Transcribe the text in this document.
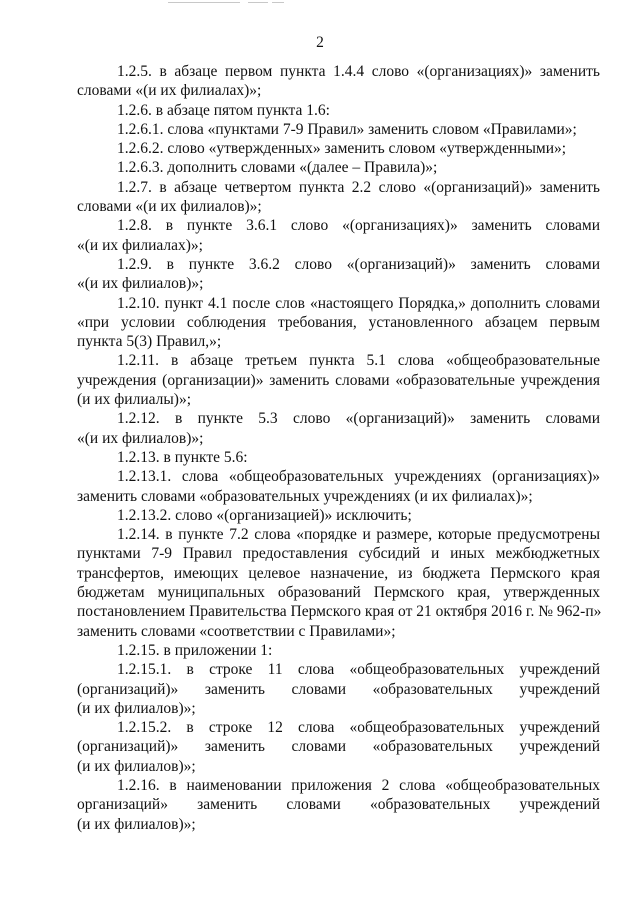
2

1.2.5. в абзаце первом пункта 1.4.4 слово «(организациях)» заменить
словами «(и их филиалах)»;

1.2.6. в абзаце пятом пункта 1.6:

1.2.6.1. слова «пунктами 7-9 Правил» заменить словом «Правилами»;

1.2.6.2. слово «утвержденных» заменить словом «утвержденными»;

1.2.6.3. дополнить словами «(далее – Правила)»;

1.2.7. в абзаце четвертом пункта 2.2 слово «(организаций)» заменить
словами «(и их филиалов)»;

1.2.8. в пункте 3.6.1 слово «(организациях)» заменить словами
«(и их филиалах)»;

1.2.9. в пункте 3.6.2 слово «(организаций)» заменить словами
«(и их филиалов)»;

1.2.10. пункт 4.1 после слов «настоящего Порядка,» дополнить словами
«при условии соблюдения требования, установленного абзацем первым
пункта 5(3) Правил,»;

1.2.11. в абзаце третьем пункта 5.1 слова «общеобразовательные
учреждения (организации)» заменить словами «образовательные учреждения
(и их филиалы)»;

1.2.12. в пункте 5.3 слово «(организаций)» заменить словами
«(и их филиалов)»;

1.2.13. в пункте 5.6:

1.2.13.1. слова «общеобразовательных учреждениях (организациях)»
заменить словами «образовательных учреждениях (и их филиалах)»;

1.2.13.2. слово «(организацией)» исключить;

1.2.14. в пункте 7.2 слова «порядке и размере, которые предусмотрены
пунктами 7-9 Правил предоставления субсидий и иных межбюджетных
трансфертов, имеющих целевое назначение, из бюджета Пермского края
бюджетам муниципальных образований Пермского края, утвержденных
постановлением Правительства Пермского края от 21 октября 2016 г. № 962-п»
заменить словами «соответствии с Правилами»;

1.2.15. в приложении 1:

1.2.15.1. в строке 11 слова «общеобразовательных учреждений
(организаций)» заменить словами «образовательных учреждений
(и их филиалов)»;

1.2.15.2. в строке 12 слова «общеобразовательных учреждений
(организаций)» заменить словами «образовательных учреждений
(и их филиалов)»;

1.2.16. в наименовании приложения 2 слова «общеобразовательных
организаций» заменить словами «образовательных учреждений
(и их филиалов)»;
